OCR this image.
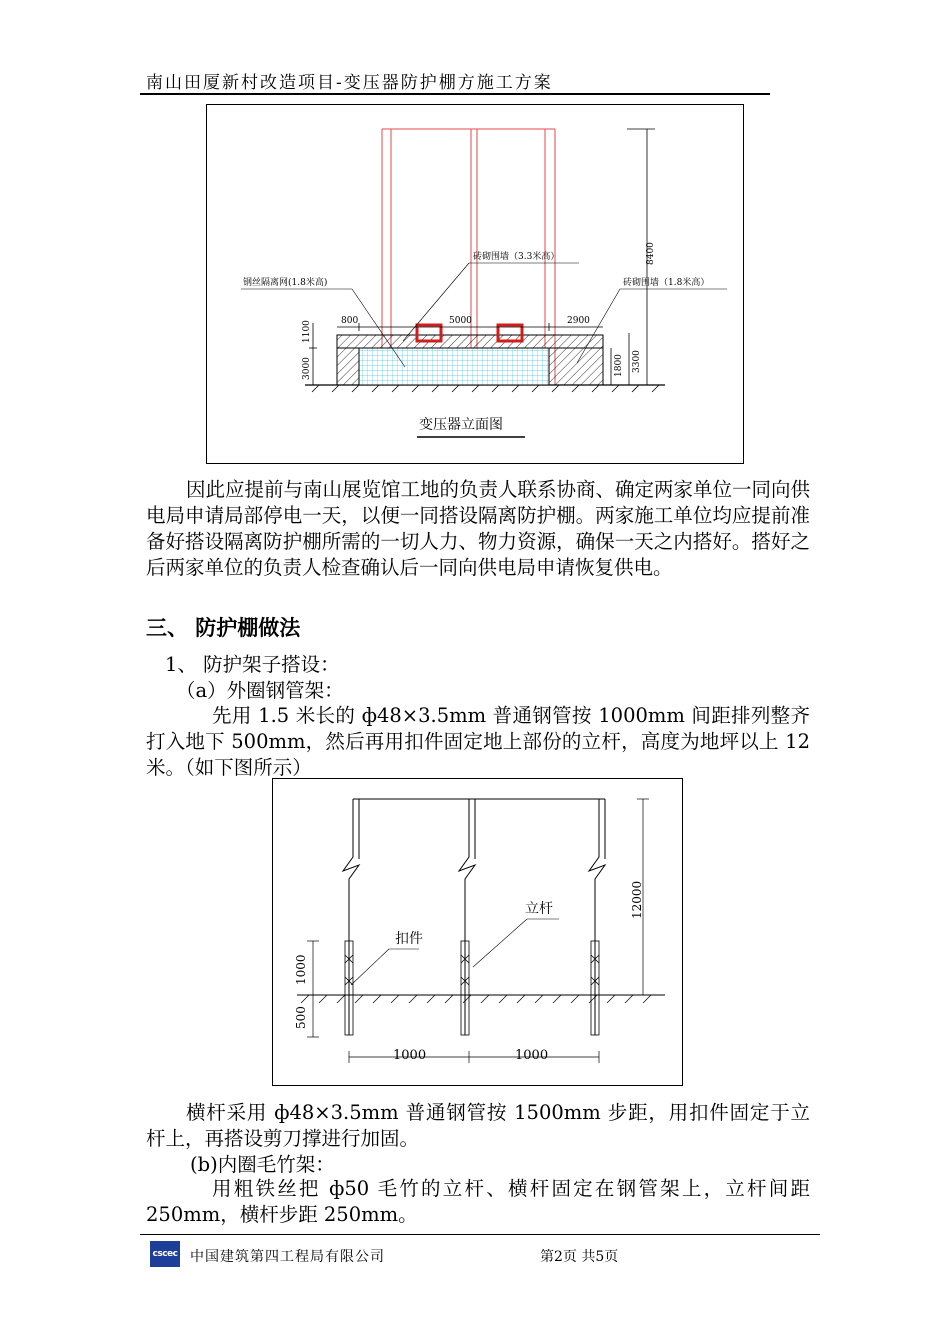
南山田厦新村改造项目-变压器防护棚方施工方案
800	5000	2900
1100
3000	1800 3300
8400
砖砌围墙（3.3米高）
钢丝隔离网(1.8米高)	砖砌围墙（1.8米高）
变压器立面图
因此应提前与南山展览馆工地的负责人联系协商、确定两家单位一同向供电局申请局部停电一天，以便一同搭设隔离防护棚。两家施工单位均应提前准备好搭设隔离防护棚所需的一切人力、物力资源，确保一天之内搭好。搭好之后两家单位的负责人检查确认后一同向供电局申请恢复供电。
三、 防护棚做法
1、 防护架子搭设：
（a）外圈钢管架：
先用 1.5 米长的 ф48×3.5mm 普通钢管按 1000mm 间距排列整齐打入地下 500mm，然后再用扣件固定地上部份的立杆，高度为地坪以上 12 米。（如下图所示）
扣件
立杆
1000
500
12000
1000	1000
横杆采用 ф48×3.5mm 普通钢管按 1500mm 步距，用扣件固定于立杆上，再搭设剪刀撑进行加固。
(b)内圈毛竹架：
用粗铁丝把 ф50 毛竹的立杆、横杆固定在钢管架上，立杆间距 250mm，横杆步距 250mm。
cscec 中国建筑第四工程局有限公司	第2页 共5页
